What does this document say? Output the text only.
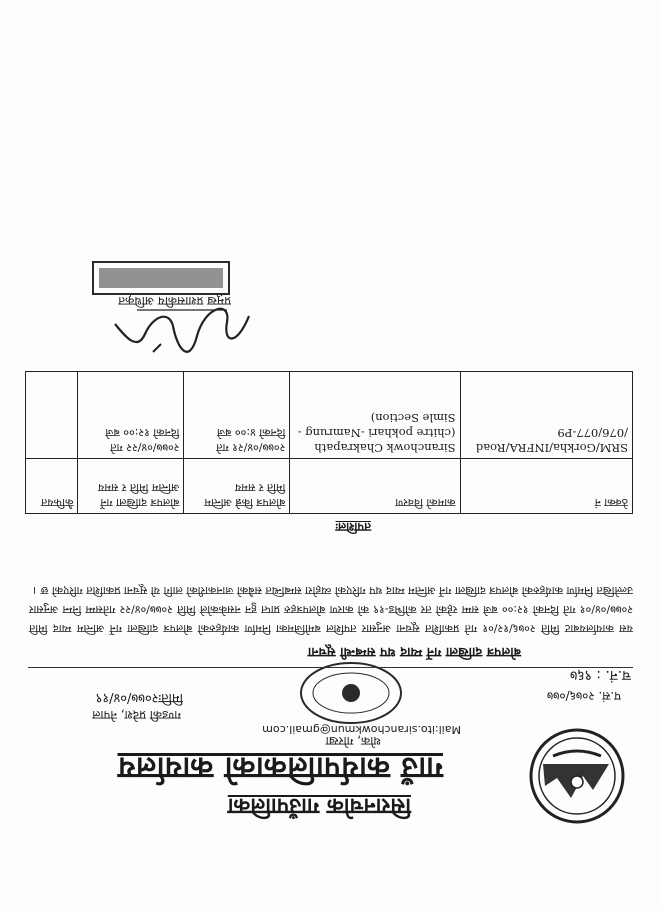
सिरानचोक गाउँपालिका
गाउँ कार्यपालिकाको कार्यालय
थोक, गोरखा
Mail:ito.siranchowkmun@gmail.com
गण्डकी प्रदेश, नेपाल
प.सं. २०७६/०७७
च.नं. : ९६७
मितिः२०७७/०४/१९
बोलपत्र दाखिला गर्ने म्याद थप सम्बन्धी सूचना
यस कार्यालयबाट मिति २०७६/१२/०१ गते प्रकाशित सूचना अनुसार तपशिल बमोजिमका निर्माण कार्यहरुको बोलपत्र दाखिला गर्ने अन्तिम म्याद मिति २०७७/०४/०१ गते दिनको १२:०० बजे सम्म रहेको तर कोभिड-१९ को कारण बोलपत्रहरु प्राप्त हुन नसकेकोले मिति २०७७/०४/२२ गतेसम्म निम्न अनुसार उल्लेखित निर्माण कार्यहरुको बोलपत्र दाखिला गर्ने अन्तिम म्याद थप गरिएको व्यहोरा सम्बन्धित सबैको जानकारीको लागि यो सूचना प्रकाशित गरिएको छ ।
तपशिलः
ठेक्का नं	कामको विवरण	बोलपत्र किन्ने अन्तिम मिति र समय	बोलपत्र दाखिला गर्ने अन्तिम मिति र समय	कैफियत
SRM/Gorkha/INFRA/Road /076/077-P9	Siranchowk Chakrapath (chitre pokhari -Namrung -Simle Section)	२०७७/०४/२१ गते दिनको ४:०० बजे	२०७७/०४/२२ गते दिनको १२:०० बजे	
प्रमुख प्रशासकीय अधिकृत
